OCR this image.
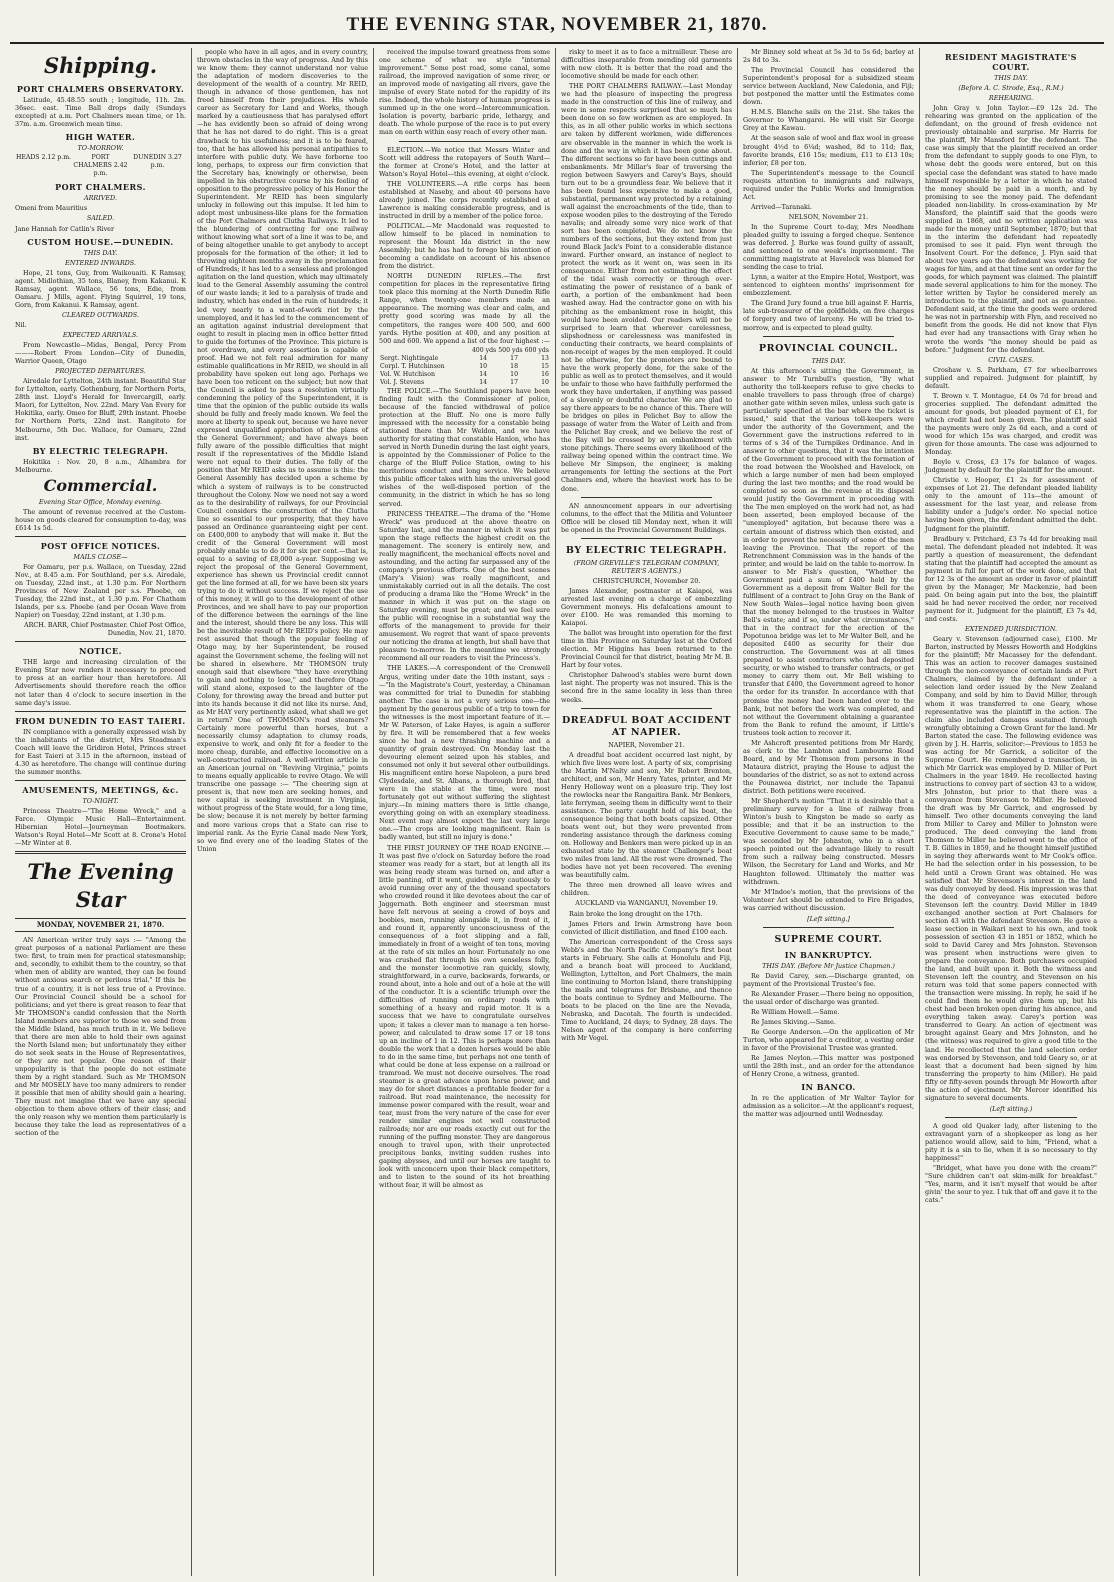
THE EVENING STAR, NOVEMBER 21, 1870.
Shipping.
PORT CHALMERS OBSERVATORY.

Latitude, 45.48.55 south ; longitude, 11h. 2m. 36sec. east. Time Ball drops daily (Sundays excepted) at a.m. Port Chalmers mean time, or 1h. 37m. a.m. Greenwich mean time.

HIGH WATER.
TO-MORROW.
HEADS 2.12 p.m.	PORT CHALMERS 2.42 p.m.
DUNEDIN 3.27 p.m.
PORT CHALMERS.
ARRIVED.

Omeni from Mauritius

SAILED.

Jane Hannah for Catlin's River

CUSTOM HOUSE.—DUNEDIN.
THIS DAY.
ENTERED INWARDS.

Hope, 21 tons, Guy, from Waikouaiti. K Ramsay, agent. Midlothian, 35 tons, Blaney, from Kakanui. K Ramsay, agent. Wallace, 56 tons, Edie, from Oamaru. J Mills, agent. Flying Squirrel, 19 tons, Gorn, from Kakanui. K Ramsay, agent.

CLEARED OUTWARDS.

Nil.

EXPECTED ARRIVALS.

From Newcastle—Midas, Bengal, Percy From ———Robert From London—City of Dunedin, Warrior Queen, Otago

PROJECTED DEPARTURES.

Airedale for Lyttelton, 24th instant. Beautiful Star for Lyttelton, early. Gothenburg, for Northern Ports, 28th inst. Lloyd's Herald for Invercargill, early. Maori, for Lyttelton, Nov. 22nd. Mary Van Every for Hokitika, early. Omeo for Bluff, 29th instant. Phoebe for Northern Ports, 22nd inst. Rangitoto for Melbourne, 5th Dec. Wallace, for Oamaru, 22nd inst.

BY ELECTRIC TELEGRAPH.

Hokitika : Nov. 20, 8 a.m., Alhambra for Melbourne.

Commercial.
Evening Star Office, Monday evening.

The amount of revenue received at the Custom-house on goods cleared for consumption to-day, was £614 1s 5d.

POST OFFICE NOTICES.
MAILS CLOSE—

For Oamaru, per p.s. Wallace, on Tuesday, 22nd Nov., at 8.45 a.m. For Southland, per s.s. Airedale, on Tuesday, 22nd inst., at 1.30 p.m. For Northern Provinces of New Zealand per s.s. Phoebe, on Tuesday, the 22nd inst., at 1.30 p.m. For Chatham Islands, per s.s. Phoebe (and per Ocean Wave from Napier) on Tuesday, 22nd instant, at 1.30 p.m.

ARCH. BARR, Chief Postmaster. Chief Post Office, Dunedin, Nov. 21, 1870.

NOTICE.

THE large and increasing circulation of the Evening Star now renders it necessary to proceed to press at an earlier hour than heretofore. All Advertisements should therefore reach the office not later than 4 o'clock to secure insertion in the same day's issue.

FROM DUNEDIN TO EAST TAIERI.

IN compliance with a generally expressed wish by the inhabitants of the district, Mrs Steadman's Coach will leave the Gridiron Hotel, Princes street for East Taieri at 3.15 in the afternoon, instead of 4.30 as heretofore. The change will continue during the summer months.

AMUSEMENTS, MEETINGS, &c.
TO-NIGHT.

Princess Theatre—"The Home Wreck," and a Farce. Olympic Music Hall—Entertainment. Hibernian Hotel—Journeyman Bootmakers. Watson's Royal Hotel—Mr Scott at 8. Crone's Hotel—Mr Winter at 8.

The Evening Star
MONDAY, NOVEMBER 21, 1870.

AN American writer truly says :— "Among the great purposes of a national Parliament are these two: first, to train men for practical statesmanship; and, secondly, to exhibit them to the country, so that when men of ability are wanted, they can be found without anxious search or perilous trial." If this be true of a country, it is not less true of a Province. Our Provincial Council should be a school for politicians; and yet there is great reason to fear that Mr THOMSON's candid confession that the North Island members are superior to those we send from the Middle Island, has much truth in it. We believe that there are men able to hold their own against the North Island men; but unfortunately they either do not seek seats in the House of Representatives, or they are not popular. One reason of their unpopularity is that the people do not estimate them by a right standard. Such as Mr THOMSON and Mr MOSELY have too many admirers to render it possible that men of ability should gain a hearing. They must not imagine that we have any special objection to them above others of their class; and the only reason why we mention them particularly is because they take the lead as representatives of a section of the

people who have in all ages, and in every country, thrown obstacles in the way of progress. And by this we know them: they cannot understand nor value the adaptation of modern discoveries to the development of the wealth of a country. Mr REID, though in advance of those gentlemen, has not freed himself from their prejudices. His whole career as Secretary for Land and Works, though marked by a cautiousness that has paralysed effort—he has evidently been so afraid of doing wrong that he has not dared to do right. This is a great drawback to his usefulness; and it is to be feared, too, that he has allowed his personal antipathies to interfere with public duty. We have forborne too long, perhaps, to express our firm conviction that the Secretary has, knowingly or otherwise, been impelled in his obstructive course by his feeling of opposition to the progressive policy of his Honor the Superintendent. Mr REID has been singularly unlucky in following out this impulse. It led him to adopt most unbusiness-like plans for the formation of the Port Chalmers and Clutha Railways. It led to the blundering of contracting for one railway without knowing what sort of a line it was to be, and of being altogether unable to get anybody to accept proposals for the formation of the other; it led to throwing eighteen months away in the proclamation of Hundreds; it has led to a senseless and prolonged agitation on the land question, which may ultimately lead to the General Assembly assuming the control of our waste lands; it led to a paralysis of trade and industry, which has ended in the ruin of hundreds; it led very nearly to a want-of-work riot by the unemployed, and it has led to the commencement of an agitation against industrial development that ought to result in placing men in office better fitted to guide the fortunes of the Province. This picture is not overdrawn, and every assertion is capable of proof. Had we not felt real admiration for many estimable qualifications in Mr REID, we should in all probability have spoken out long ago. Perhaps we have been too reticent on the subject; but now that the Council is asked to pass a resolution virtually condemning the policy of the Superintendent, it is time that the opinion of the public outside its walls should be fully and freely made known. We feel the more at liberty to speak out, because we have never expressed unqualified approbation of the plans of the General Government; and have always been fully aware of the possible difficulties that might result if the representatives of the Middle Island were not equal to their duties. The folly of the position that Mr REID asks us to assume is this: the General Assembly has decided upon a scheme by which a system of railways is to be constructed throughout the Colony. Now we need not say a word as to the desirability of railways, for our Provincial Council considers the construction of the Clutha line so essential to our prosperity, that they have passed an Ordinance guaranteeing eight per cent. on £400,000 to anybody that will make it. But the credit of the General Government will most probably enable us to do it for six per cent.—that is, equal to a saving of £8,000 a-year. Supposing we reject the proposal of the General Government, experience has shewn us Provincial credit cannot get the line formed at all, for we have been six years trying to do it without success. If we reject the use of this money, it will go to the development of other Provinces, and we shall have to pay our proportion of the difference between the earnings of the line and the interest, should there be any loss. This will be the inevitable result of Mr REID's policy. He may rest assured that though the popular feeling of Otago may, by her Superintendent, be roused against the Government scheme, the feeling will not be shared in elsewhere. Mr THOMSON truly enough said that elsewhere "they have everything to gain and nothing to lose," and therefore Otago will stand alone, exposed to the laughter of the Colony, for throwing away the bread and butter put into its hands because it did not like its nurse. And, as Mr HAY very pertinently asked, what shall we get in return? One of THOMSON's road steamers? Certainly more powerful than horses, but a necessarily clumsy adaptation to clumsy roads, expensive to work, and only fit for a feeder to the more cheap, durable, and effective locomotive on a well-constructed railroad. A well-written article in an American journal on "Reviving Virginia," points to means equally applicable to revive Otago. We will transcribe one passage :— "The cheering sign at present is, that new men are seeking homes, and new capital is seeking investment in Virginia, without progress of the State would, for a long time, be slow; because it is not merely by better farming and more various crops that a State can rise to imperial rank. As the Eyrie Canal made New York, so we find every one of the leading States of the Union

received the impulse toward greatness from some one scheme of what we style "internal improvement." Some post road, some canal, some railroad, the improved navigation of some river, or an improved mode of navigating all rivers, gave the impulse of every State noted for the rapidity of its rise. Indeed, the whole history of human progress is summed up in the one word—Intercommunication. Isolation is poverty, barbaric pride, lethargy, and death. The whole purpose of the race is to put every man on earth within easy reach of every other man.

ELECTION.—We notice that Messrs Winter and Scott will address the ratepayers of South Ward—the former at Crone's Hotel, and the latter at Watson's Royal Hotel—this evening, at eight o'clock.

THE VOLUNTEERS.—A rifle corps has been established at Naseby, and about 40 persons have already joined. The corps recently established at Lawrence is making considerable progress, and is instructed in drill by a member of the police force.

POLITICAL.—Mr Macdonald was requested to allow himself to be placed in nomination to represent the Mount Ida district in the new Assembly; but he has had to forego his intention of becoming a candidate on account of his absence from the district.

NORTH DUNEDIN RIFLES.—The first competition for places in the representative firing took place this morning at the North Dunedin Rifle Range, when twenty-one members made an appearance. The morning was clear and calm, and pretty good scoring was made by all the competitors, the ranges were 400 500, and 600 yards. Hythe position at 400, and any position at 500 and 600. We append a list of the four highest :—

	400 yds 500 yds 600 yds		
Sergt. Nightingale	14	17	13
Corpl. T. Hutchinson	10	18	15
Vol. W. Hutchison	14	10	16
Vol. J. Stevens	14	17	10

THE POLICE.—The Southland papers have been finding fault with the Commissioner of police, because of the fancied withdrawal of police protection at the Bluff. No one is more fully impressed with the necessity for a constable being stationed there than Mr Weldon, and we have authority for stating that constable Hanlon, who has served in North Dunedin during the last eight years, is appointed by the Commissioner of Police to the charge of the Bluff Police Station, owing to his meritorious conduct and long service. We believe this public officer takes with him the universal good wishes of the well-disposed portion of the community, in the district in which he has so long served.

PRINCESS THEATRE.—The drama of the "Home Wreck" was produced at the above theatre on Saturday last, and the manner in which it was put upon the stage reflects the highest credit on the management. The scenery is entirely new, and really magnificent, the mechanical effects novel and astounding, and the acting far surpassed any of the company's previous efforts. One of the best scenes (Mary's Vision) was really magnificent, and unmistakably carried out in all the details. The cost of producing a drama like the "Home Wreck" in the manner in which it was put on the stage on Saturday evening, must be great; and we feel sure the public will recognise in a substantial way the efforts of the management to provide for their amusement. We regret that want of space prevents our noticing the drama at length, but shall have that pleasure to-morrow. In the meantime we strongly recommend all our readers to visit the Princess's.

THE LAKES.—A correspondent of the Cromwell Argus, writing under date the 10th instant, says :—"In the Magistrate's Court, yesterday, a Chinaman was committed for trial to Dunedin for stabbing another. The case is not a very serious one—the payment by the generous public of a trip to town for the witnesses is the most important feature of it.—Mr W. Paterson, of Lake Hayes, is again a sufferer by fire. It will be remembered that a few weeks since he had a new thrashing machine and a quantity of grain destroyed. On Monday last the devouring element seized upon his stables, and consumed not only it but several other outbuildings. His magnificent entire horse Napoleon, a pure bred Clydesdale, and St. Albans, a thorough bred, that were in the stable at the time, were most fortunately got out without suffering the slightest injury.—In mining matters there is little change, everything going on with an exemplary steadiness. Next event may almost expect the last very large one.—The crops are looking magnificent. Rain is badly wanted, but still no injury is done."

THE FIRST JOURNEY OF THE ROAD ENGINE.—It was past five o'clock on Saturday before the road steamer was ready for a start, but at length all its was being ready steam was turned on, and after a little panting, off it went, guided very cautiously to avoid running over any of the thousand spectators who crowded round it like devotees about the car of Jaggernath. Both engineer and steersman must have felt nervous at seeing a crowd of boys and boobies, men, running alongside it, in front of it, and round it, apparently unconsciousness of the consequences of a foot slipping and a fall, immediately in front of a weight of ten tons, moving at the rate of six miles an hour. Fortunately no one was crushed flat through his own senseless folly, and the monster locomotive ran quickly, slowly, straightforward, in a curve, backwards, forwards, or round about, into a hole and out of a hole at the will of the conductor. It is a scientific triumph over the difficulties of running on ordinary roads with something of a heavy and rapid motor. It is a success that we have to congratulate ourselves upon; it takes a clever man to manage a ten horse-power, and calculated to draw some 17 or 18 tons up an incline of 1 in 12. This is perhaps more than double the work that a dozen horses would be able to do in the same time, but perhaps not one tenth of what could be done at less expense on a railroad or tramroad. We must not deceive ourselves. The road steamer is a great advance upon horse power, and may do for short distances a profitable feeder for a railroad. But road maintenance, the necessity for immense power compared with the result, wear and tear, must from the very nature of the case for ever render similar engines not well constructed railroads; nor are our roads exactly cut out for the running of the puffing monster. They are dangerous enough to travel upon, with their unprotected precipitous banks, inviting sudden rushes into gaping abysses, and until our horses are taught to look with unconcern upon their black competitors, and to listen to the sound of its hot breathing without fear, it will be almost as

risky to meet it as to face a mitrailleur. These are difficulties inseparable from mending old garments with new cloth. It is better that the road and the locomotive should be made for each other.

THE PORT CHALMERS RAILWAY.—Last Monday we had the pleasure of inspecting the progress made in the construction of this line of railway, and were in some respects surprised that so much has been done on so few workmen as are employed. In this, as in all other public works in which sections are taken by different workmen, wide differences are observable in the manner in which the work is done and the way in which it has been gone about. The different sections so far have been cuttings and embankments. Mr Millar's fear of traversing the region between Sawyers and Carey's Bays, should turn out to be a groundless fear. We believe that it has been found less expensive to make a good, substantial, permanent way protected by a retaining wall against the encroachments of the tide, than to expose wooden piles to the destroying of the Teredo navalis; and already some very nice work of that sort has been completed. We do not know the numbers of the sections, but they extend from just round Black Jack's Point to a considerable distance inward. Further onward, an instance of neglect to protect the work as it went on, was seen in its consequence. Either from not estimating the effect of the tidal wash correctly or through over-estimating the power of resistance of a bank of earth, a portion of the embankment had been washed away. Had the contractor gone on with his pitching as the embankment rose in height, this would have been avoided. Our readers will not be surprised to learn that wherever carelessness, slipshodness or carelessness was manifested in conducting their contracts, we heard complaints of non-receipt of wages by the men employed. It could not be otherwise, for the promoters are bound to have the work properly done, for the sake of the public as well as to protect themselves, and it would be unfair to those who have faithfully performed the work they have undertaken, if anything was passed of a slovenly or doubtful character. We are glad to say there appears to be no chance of this. There will be bridges on piles in Pelichet Bay to allow the passage of water from the Water of Leith and from the Pelichet Bay creek, and we believe the rest of the Bay will be crossed by an embankment with stone pitchings. There seems every likelihood of the railway being opened within the contract time. We believe Mr Simpson, the engineer, is making arrangements for letting the sections at the Port Chalmers end, where the heaviest work has to be done.

AN announcement appears in our advertising columns, to the effect that the Militia and Volunteer Office will be closed till Monday next, when it will be opened in the Provincial Government Buildings.

BY ELECTRIC TELEGRAPH.
(FROM GREVILLE'S TELEGRAM COMPANY, REUTER'S AGENTS.)

CHRISTCHURCH, November 20.

James Alexander, postmaster at Kaiapoi, was arrested last evening on a charge of embezzling Government moneys. His defalcations amount to over £100. He was remanded this morning to Kaiapoi.

The ballot was brought into operation for the first time in this Province on Saturday last at the Oxford election. Mr Higgins has been returned to the Provincial Council for that district, beating Mr M. B. Hart by four votes.

Christopher Dalwood's stables were burnt down last night. The property was not insured. This is the second fire in the same locality in less than three weeks.

DREADFUL BOAT ACCIDENT AT NAPIER.

NAPIER, November 21.

A dreadful boat accident occurred last night, by which five lives were lost. A party of six, comprising the Martin M'Nalty and son, Mr Robert Brenton, architect, and son, Mr Henry Yates, printer, and Mr Henry Holloway went on a pleasure trip. They lost the rowlocks near the Rangaitira Bank. Mr Benkers, late ferryman, seeing them in difficulty went to their assistance. The party caught hold of his boat, the consequence being that both boats capsized. Other boats went out, but they were prevented from rendering assistance through the darkness coming on. Holloway and Benkers man were picked up in an exhausted state by the steamer Challenger's boat two miles from land. All the rest were drowned. The bodies have not yet been recovered. The evening was beautifully calm.

The three men drowned all leave wives and children.

AUCKLAND via WANGANUI, November 19.

Rain broke the long drought on the 17th.

James Friers and Irwin Armstrong have been convicted of illicit distillation, and fined £100 each.

The American correspondent of the Cross says Webb's and the North Pacific Company's first boat starts in February. She calls at Honolulu and Fiji, and a branch boat will proceed to Auckland, Wellington, Lyttelton, and Port Chalmers, the main line continuing to Morton Island, there transhipping the mails and telegrams for Brisbane, and thence the boats continue to Sydney and Melbourne. The boats to be placed on the line are the Nevada, Nebraska, and Dacotah. The fourth is undecided. Time to Auckland, 24 days; to Sydney, 28 days. The Nelson agent of the company is here conferring with Mr Vogel.

Mr Binney sold wheat at 5s 3d to 5s 6d; barley at 2s 8d to 3s.

The Provincial Council has considered the Superintendent's proposal for a subsidized steam service between Auckland, New Caledonia, and Fiji; but postponed the matter until the Estimates come down.

H.M.S. Blanche sails on the 21st. She takes the Governor to Whangarei. He will visit Sir George Grey at the Kawau.

At the season sale of wool and flax wool in grease brought 4½d to 6¼d; washed, 8d to 11d; flax, favorite brands, £16 15s; medium, £11 to £13 10s; inferior, £8 per ton.

The Superintendent's message to the Council requests attention to immigrants and railways, required under the Public Works and Immigration Act.

Arrived—Taranaki.

NELSON, November 21.

In the Supreme Court to-day, Mrs Needham pleaded guilty to issuing a forged cheque. Sentence was deferred. J. Burke was found guilty of assault, and sentenced to one week's imprisonment. The committing magistrate at Havelock was blamed for sending the case to trial.

Lynn, a waiter at the Empire Hotel, Westport, was sentenced to eighteen months' imprisonment for embezzlement.

The Grand Jury found a true bill against F. Harris, late sub-treasurer of the goldfields, on five charges of forgery and two of larceny. He will be tried to-morrow, and is expected to plead guilty.

PROVINCIAL COUNCIL.
THIS DAY.

At this afternoon's sitting the Government, in answer to Mr Turnbull's question, "By what authority the toll-keepers refuse to give checks to enable travellers to pass through (free of charge) another gate within seven miles, unless such gate is particularly specified at the bar where the ticket is issued," said that the various toll-keepers were under the authority of the Government, and the Government gave the instructions referred to in terms of s 34 of the Turnpikes Ordinance. And in answer to other questions, that it was the intention of the Government to proceed with the formation of the road between the Woolshed and Havelock, on which a large number of men had been employed during the last two months; and the road would be completed so soon as the revenue at its disposal would justify the Government in proceeding with the The men employed on the work had not, as had been asserted, been employed because of the "unemployed" agitation, but because there was a certain amount of distress which then existed, and in order to prevent the necessity of some of the men leaving the Province. That the report of the Retrenchment Commission was in the hands of the printer, and would be laid on the table to-morrow. In answer to Mr Fish's question, "Whether the Government paid a sum of £400 held by the Government as a deposit from Walter Bell for the fulfilment of a contract to John Gray on the Bank of New South Wales—legal notice having been given that the money belonged to the trustees in Walter Bell's estate; and if so, under what circumstances," that in the contract for the erection of the Popotunoa bridge was let to Mr Walter Bell, and he deposited £400 as security for their due construction. The Government was at all times prepared to assist contractors who had deposited security, or who wished to transfer contracts, or get money to carry them out. Mr Bell wishing to transfer that £400, the Government agreed to honor the order for its transfer. In accordance with that promise the money had been handed over to the Bank, but not before the work was completed, and not without the Government obtaining a guarantee from the Bank to refund the amount, if Little's trustees took action to recover it.

Mr Ashcroft presented petitions from Mr Hardy, as clerk to the Lambton and Lambourne Road Board, and by Mr Thomson from persons in the Mataura district, praying the House to adjust the boundaries of the district, so as not to extend across the Pounawea district, nor include the Tapanui district. Both petitions were received.

Mr Shepherd's motion "That it is desirable that a preliminary survey for a line of railway from Winton's bush to Kingston be made so early as possible; and that it be an instruction to the Executive Government to cause same to be made," was seconded by Mr Johnston, who in a short speech pointed out the advantage likely to result from such a railway being constructed. Messrs Wilson, the Secretary for Land and Works, and Mr Haughton followed. Ultimately the matter was withdrawn.

Mr M'Indoe's motion, that the provisions of the Volunteer Act should be extended to Fire Brigades, was carried without discussion.

[Left sitting.]
SUPREME COURT.
IN BANKRUPTCY.
THIS DAY. (Before Mr Justice Chapman.)

Re David Carey, sen.—Discharge granted, on payment of the Provisional Trustee's fee.

Re Alexander Fraser.—There being no opposition, the usual order of discharge was granted.

Re William Howell.—Same.

Re James Skiving.—Same.

Re George Anderson.—On the application of Mr Turton, who appeared for a creditor, a vesting order in favor of the Provisional Trustee was granted.

Re James Neylon.—This matter was postponed until the 28th inst., and an order for the attendance of Henry Crone, a witness, granted.

IN BANCO.

In re the application of Mr Walter Taylor for admission as a solicitor.—At the applicant's request, the matter was adjourned until Wednesday.

RESIDENT MAGISTRATE'S COURT.
THIS DAY.
(Before A. C. Strode, Esq., R.M.)
REHEARING.

John Gray v. John Taylor.—£9 12s 2d. The rehearing was granted on the application of the defendant, on the ground of fresh evidence not previously obtainable and surprise. Mr Harris for the plaintiff, Mr Mansford for the defendant. The case was simply that the plaintiff received an order from the defendant to supply goods to one Flyn, to whose debt the goods were entered, but on this special case the defendant was stated to have made himself responsible by a letter in which he stated the money should be paid in a month, and by promising to see the money paid. The defendant pleaded non-liability. In cross-examination by Mr Mansford, the plaintiff said that the goods were supplied in 1868, and no written application was made for the money until September, 1870; but that in the interim the defendant had repeatedly promised to see it paid. Flyn went through the Insolvent Court. For the defence, J. Flyn said that about two years ago the defendant was working for wages for him, and at that time sent an order for the goods, for which payment was claimed. The plaintiff made several applications to him for the money. The letter written by Taylor he considered merely an introduction to the plaintiff, and not as guarantee. Defendant said, at the time the goods were ordered he was not in partnership with Flyn, and received no benefit from the goods. He did not know that Flyn had ever had any transactions with Gray when he wrote the words "the money should be paid as before." Judgment for the defendant.

CIVIL CASES.

Croshaw v. S. Parkham, £7 for wheelbarrows supplied and repaired. Judgment for plaintiff, by default.

T. Brown v. T. Montague, £4 0s 7d for bread and groceries supplied. The defendant admitted the amount for goods, but pleaded payment of £1, for which credit had not been given. The plaintiff said the payments were only 2s 6d each, and a cord of wood for which 15s was charged, and credit was given for those amounts. The case was adjourned to Monday.

Boyle v. Cross, £3 17s for balance of wages. Judgment by default for the plaintiff for the amount.

Christie v. Hooper, £1 2s for assessment of expenses of Lot 21. The defendant pleaded liability only to the amount of 11s—the amount of assessment for the last year, and release from liability under a Judge's order. No special notice having been given, the defendant admitted the debt. Judgment for the plaintiff.

Bradbury v. Pritchard, £3 7s 4d for breaking mail metal. The defendant pleaded not indebted. It was partly a question of measurement, the defendant stating that the plaintiff had accepted the amount as payment in full for part of the work done, and that for 12 3s of the amount an order in favor of plaintiff given by the Manager, Mr Mackenzie, had been paid. On being again put into the box, the plaintiff said he had never received the order, nor received payment for it. Judgment for the plaintiff, £3 7s 4d, and costs.

EXTENDED JURISDICTION.

Geary v. Stevenson (adjourned case), £100. Mr Barton, instructed by Messrs Howorth and Hodgkins for the plaintiff; Mr Macassey for the defendant. This was an action to recover damages sustained through the non-conveyance of certain lands at Port Chalmers, claimed by the defendant under a selection land order issued by the New Zealand Company, and sold by him to David Miller, through whom it was transferred to one Geary, whose representative was the plaintiff in the action. The claim also included damages sustained through wrongfully obtaining a Crown Grant for the land. Mr Barton stated the case. The following evidence was given by J. H. Harris, solicitor:—Previous to 1853 he was acting for Mr Garrick, a solicitor of the Supreme Court. He remembered a transaction, in which Mr Garrick was employed by D. Miller of Port Chalmers in the year 1849. He recollected having instructions to convey part of section 43 to a widow, Mrs Johnston, but prior to that there was a conveyance from Stevenson to Miller. He believed the draft was by Mr Garrick, and engrossed by himself. Two other documents conveying the land from Miller to Carey and Miller to Johnston were produced. The deed conveying the land from Thomson to Miller he believed went to the office of T. B. Gillies in 1859, and he thought himself justified in saying they afterwards went to Mr Cook's office. He had the selection order in his possession, to be held until a Crown Grant was obtained. He was satisfied that Mr Stevenson's interest in the land was duly conveyed by deed. His impression was that the deed of conveyance was executed before Stevenson left the country. David Miller in 1849 exchanged another section at Port Chalmers for section 43 with the defendant Stevenson. He gave a lease section in Waikari next to his own, and took possession of section 43 in 1851 or 1852, which he sold to David Carey and Mrs Johnston. Stevenson was present when instructions were given to prepare the conveyance. Both purchasers occupied the land, and built upon it. Both the witness and Stevenson left the country, and Stevenson on his return was told that some papers connected with the transaction were missing. In reply, he said if he could find them he would give them up, but his chest had been broken open during his absence, and everything taken away. Carey's portion was transferred to Geary. An action of ejectment was brought against Geary and Mrs Johnston, and he (the witness) was required to give a good title to the land. He recollected that the land selection order was endorsed by Stevenson, and told Geary so, or at least that a document had been signed by him transferring the property to him (Miller). He paid fifty or fifty-seven pounds through Mr Howorth after the action of ejectment. Mr Mercer identified his signature to several documents.

(Left sitting.)

A good old Quaker lady, after listening to the extravagant yarn of a shopkeeper as long as her patience would allow, said to him, "Friend, what a pity it is a sin to lie, when it is so necessary to thy happiness!"

"Bridget, what have you done with the cream?" "Sure children can't eat skim-milk for breakfast." "Yes, marm, and it isn't myself that would be after givin' the sour to yez. I tuk that off and gave it to the cats."
